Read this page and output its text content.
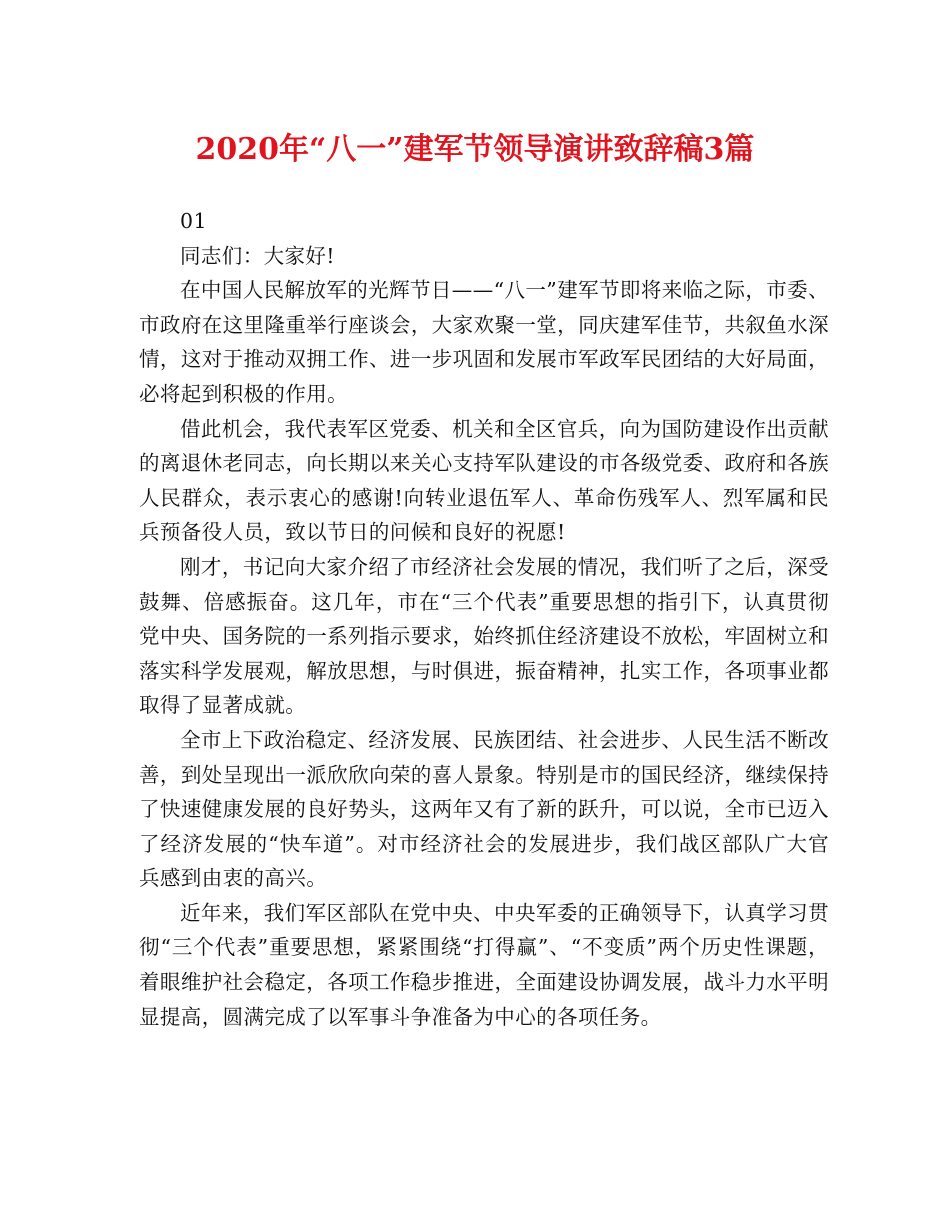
2020年“八一”建军节领导演讲致辞稿3篇

01

同志们：大家好!

在中国人民解放军的光辉节日——“八一”建军节即将来临之际，市委、市政府在这里隆重举行座谈会，大家欢聚一堂，同庆建军佳节，共叙鱼水深情，这对于推动双拥工作、进一步巩固和发展市军政军民团结的大好局面，必将起到积极的作用。

借此机会，我代表军区党委、机关和全区官兵，向为国防建设作出贡献的离退休老同志，向长期以来关心支持军队建设的市各级党委、政府和各族人民群众，表示衷心的感谢!向转业退伍军人、革命伤残军人、烈军属和民兵预备役人员，致以节日的问候和良好的祝愿!

刚才，书记向大家介绍了市经济社会发展的情况，我们听了之后，深受鼓舞、倍感振奋。这几年，市在“三个代表”重要思想的指引下，认真贯彻党中央、国务院的一系列指示要求，始终抓住经济建设不放松，牢固树立和落实科学发展观，解放思想，与时俱进，振奋精神，扎实工作，各项事业都取得了显著成就。

全市上下政治稳定、经济发展、民族团结、社会进步、人民生活不断改善，到处呈现出一派欣欣向荣的喜人景象。特别是市的国民经济，继续保持了快速健康发展的良好势头，这两年又有了新的跃升，可以说，全市已迈入了经济发展的“快车道”。对市经济社会的发展进步，我们战区部队广大官兵感到由衷的高兴。

近年来，我们军区部队在党中央、中央军委的正确领导下，认真学习贯彻“三个代表”重要思想，紧紧围绕“打得赢”、“不变质”两个历史性课题，着眼维护社会稳定，各项工作稳步推进，全面建设协调发展，战斗力水平明显提高，圆满完成了以军事斗争准备为中心的各项任务。
